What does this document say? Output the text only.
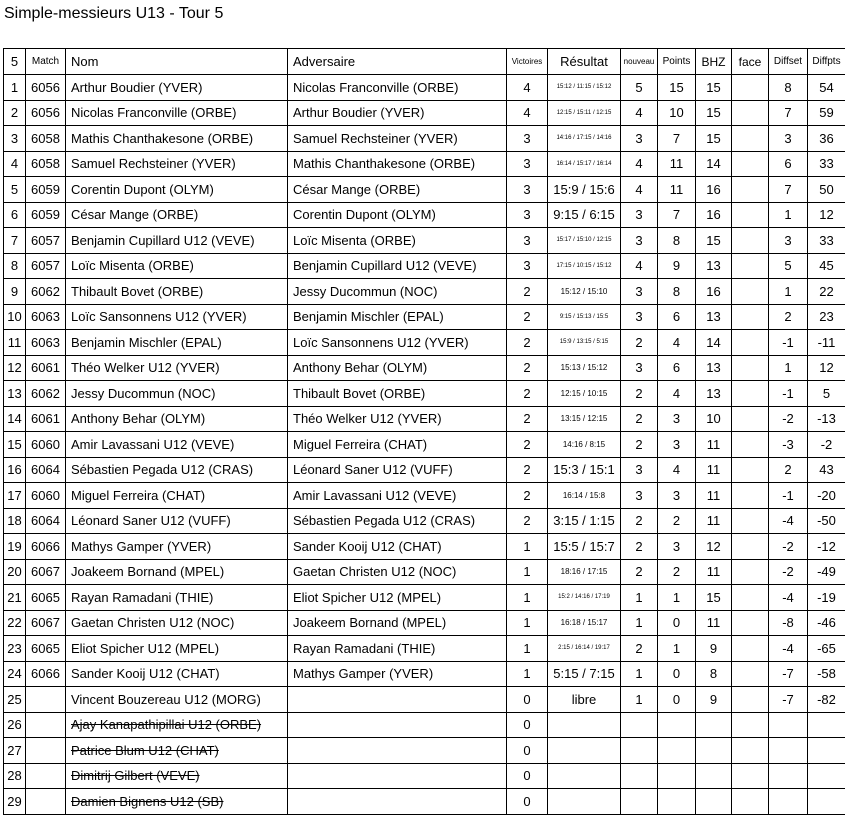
Simple-messieurs U13 - Tour 5
5	Match	Nom	Adversaire	Victoires	Résultat	nouveau	Points	BHZ	face	Diffset	Diffpts
1	6056	Arthur Boudier (YVER)	Nicolas Franconville (ORBE)	4	15:12 / 11:15 / 15:12	5	15	15		8	54
2	6056	Nicolas Franconville (ORBE)	Arthur Boudier (YVER)	4	12:15 / 15:11 / 12:15	4	10	15		7	59
3	6058	Mathis Chanthakesone (ORBE)	Samuel Rechsteiner (YVER)	3	14:16 / 17:15 / 14:16	3	7	15		3	36
4	6058	Samuel Rechsteiner (YVER)	Mathis Chanthakesone (ORBE)	3	16:14 / 15:17 / 16:14	4	11	14		6	33
5	6059	Corentin Dupont (OLYM)	César Mange (ORBE)	3	15:9 / 15:6	4	11	16		7	50
6	6059	César Mange (ORBE)	Corentin Dupont (OLYM)	3	9:15 / 6:15	3	7	16		1	12
7	6057	Benjamin Cupillard U12 (VEVE)	Loïc Misenta (ORBE)	3	15:17 / 15:10 / 12:15	3	8	15		3	33
8	6057	Loïc Misenta (ORBE)	Benjamin Cupillard U12 (VEVE)	3	17:15 / 10:15 / 15:12	4	9	13		5	45
9	6062	Thibault Bovet (ORBE)	Jessy Ducommun (NOC)	2	15:12 / 15:10	3	8	16		1	22
10	6063	Loïc Sansonnens U12 (YVER)	Benjamin Mischler (EPAL)	2	9:15 / 15:13 / 15:5	3	6	13		2	23
11	6063	Benjamin Mischler (EPAL)	Loïc Sansonnens U12 (YVER)	2	15:9 / 13:15 / 5:15	2	4	14		-1	-11
12	6061	Théo Welker U12 (YVER)	Anthony Behar (OLYM)	2	15:13 / 15:12	3	6	13		1	12
13	6062	Jessy Ducommun (NOC)	Thibault Bovet (ORBE)	2	12:15 / 10:15	2	4	13		-1	5
14	6061	Anthony Behar (OLYM)	Théo Welker U12 (YVER)	2	13:15 / 12:15	2	3	10		-2	-13
15	6060	Amir Lavassani U12 (VEVE)	Miguel Ferreira (CHAT)	2	14:16 / 8:15	2	3	11		-3	-2
16	6064	Sébastien Pegada U12 (CRAS)	Léonard Saner U12 (VUFF)	2	15:3 / 15:1	3	4	11		2	43
17	6060	Miguel Ferreira (CHAT)	Amir Lavassani U12 (VEVE)	2	16:14 / 15:8	3	3	11		-1	-20
18	6064	Léonard Saner U12 (VUFF)	Sébastien Pegada U12 (CRAS)	2	3:15 / 1:15	2	2	11		-4	-50
19	6066	Mathys Gamper (YVER)	Sander Kooij U12 (CHAT)	1	15:5 / 15:7	2	3	12		-2	-12
20	6067	Joakeem Bornand (MPEL)	Gaetan Christen U12 (NOC)	1	18:16 / 17:15	2	2	11		-2	-49
21	6065	Rayan Ramadani (THIE)	Eliot Spicher U12 (MPEL)	1	15:2 / 14:16 / 17:19	1	1	15		-4	-19
22	6067	Gaetan Christen U12 (NOC)	Joakeem Bornand (MPEL)	1	16:18 / 15:17	1	0	11		-8	-46
23	6065	Eliot Spicher U12 (MPEL)	Rayan Ramadani (THIE)	1	2:15 / 16:14 / 19:17	2	1	9		-4	-65
24	6066	Sander Kooij U12 (CHAT)	Mathys Gamper (YVER)	1	5:15 / 7:15	1	0	8		-7	-58
25		Vincent Bouzereau U12 (MORG)		0	libre	1	0	9		-7	-82
26		Ajay Kanapathipillai U12 (ORBE)		0							
27		Patrice Blum U12 (CHAT)		0							
28		Dimitrij Gilbert (VEVE)		0							
29		Damien Bignens U12 (SB)		0							
